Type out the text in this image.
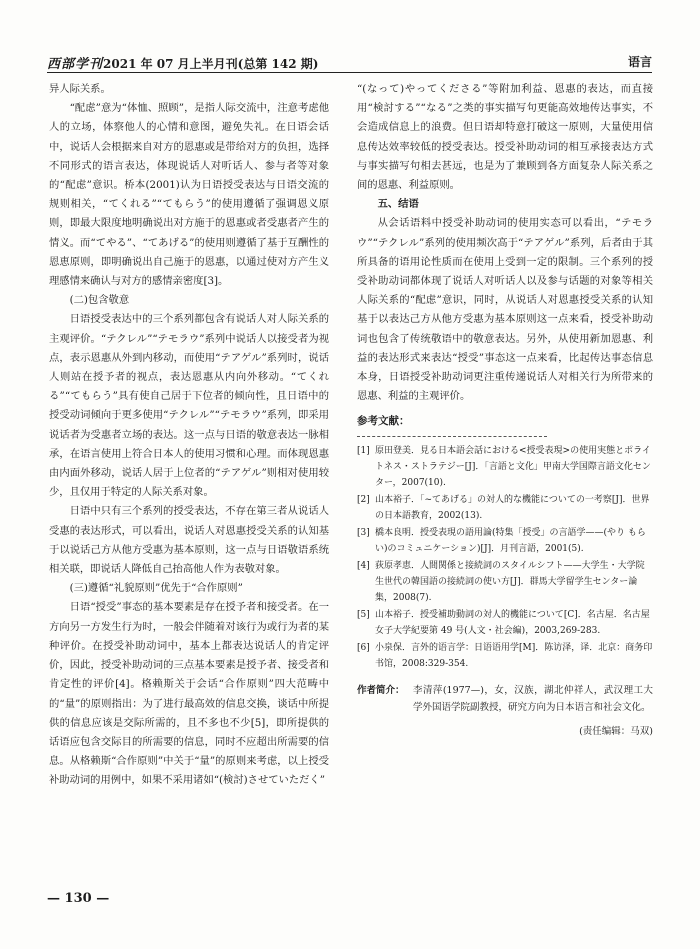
西部学刊2021 年 07 月上半月刊(总第 142 期)	语言

异人际关系。

“配虑”意为“体恤、照顾”，是指人际交流中，注意考虑他人的立场，体察他人的心情和意图，避免失礼。在日语会话中，说话人会根据来自对方的恩惠或是带给对方的负担，选择不同形式的语言表达，体现说话人对听话人、参与者等对象的“配虑”意识。桥本(2001)认为日语授受表达与日语交流的规则相关，“てくれる”“てもらう”的使用遵循了强调恩义原则，即最大限度地明确说出对方施于的恩惠或者受惠者产生的情义。而“てやる”、“てあげる”的使用则遵循了基于互酬性的恩恵原则，即明确说出自己施于的恩惠，以通过使对方产生义理感情来确认与对方的感情亲密度[3]。

(二)包含敬意

日语授受表达中的三个系列都包含有说话人对人际关系的主观评价。“テクレル”“テモラウ”系列中说话人以接受者为视点，表示恩惠从外到内移动，而使用“テアゲル”系列时，说话人则站在授予者的视点，表达恩惠从内向外移动。“てくれる”“てもらう”具有使自己居于下位者的倾向性，且日语中的授受动词倾向于更多使用“テクレル”“テモラウ”系列，即采用说话者为受惠者立场的表达。这一点与日语的敬意表达一脉相承，在语言使用上符合日本人的使用习惯和心理。而体现恩惠由内面外移动，说话人居于上位者的“テアゲル”则相对使用较少，且仅用于特定的人际关系对象。

日语中只有三个系列的授受表达，不存在第三者从说话人受惠的表达形式，可以看出，说话人对恩惠授受关系的认知基于以说话己方从他方受惠为基本原则，这一点与日语敬语系统相关联，即说话人降低自己抬高他人作为表敬对象。

(三)遵循“礼貌原则”优先于“合作原则”

日语“授受”事态的基本要素是存在授予者和接受者。在一方向另一方发生行为时，一般会伴随着对该行为或行为者的某种评价。在授受补助动词中，基本上都表达说话人的肯定评价，因此，授受补助动词的三点基本要素是授予者、接受者和肯定性的评价[4]。格赖斯关于会话“合作原则”四大范畴中的“量”的原则指出：为了进行最高效的信息交换，谈话中所提供的信息应该是交际所需的，且不多也不少[5]，即所提供的话语应包含交际目的所需要的信息，同时不应超出所需要的信息。从格赖斯“合作原则”中关于“量”的原则来考虑，以上授受补助动词的用例中，如果不采用诸如“(検討)させていただく”

“(なって)やってくださる”等附加利益、恩惠的表达，而直接用“検討する”“なる”之类的事实描写句更能高效地传达事实，不会造成信息上的浪费。但日语却特意打破这一原则，大量使用信息传达效率较低的授受表达。授受补助动词的相互承接表达方式与事实描写句相去甚远，也是为了兼顾到各方面复杂人际关系之间的恩惠、利益原则。

五、结语

从会话语料中授受补助动词的使用实态可以看出，“テモラウ”“テクレル”系列的使用频次高于“テアゲル”系列，后者由于其所具备的语用论性质而在使用上受到一定的限制。三个系列的授受补助动词都体现了说话人对听话人以及参与话题的对象等相关人际关系的“配虑”意识，同时，从说话人对恩惠授受关系的认知基于以表达己方从他方受惠为基本原则这一点来看，授受补助动词也包含了传统敬语中的敬意表达。另外，从使用新加恩惠、利益的表达形式来表达“授受”事态这一点来看，比起传达事态信息本身，日语授受补助动词更注重传递说话人对相关行为所带来的恩惠、利益的主观评价。

参考文献：
[1] 原田登美．見る日本語会話における<授受表現>の使用実態とポライトネス・ストラテジー[J]．「言語と文化」甲南大学国際言語文化センター，2007(10).
[2] 山本裕子．「~てあげる」の対人的な機能についての一考察[J]．世界の日本語教育，2002(13).
[3] 橋本良明．授受表現の語用論(特集「授受」の言語学——(やり もらい)のコミュニケーション)[J]．月刊言語，2001(5).
[4] 荻原孝恵．人間関係と接続詞のスタイルシフト——大学生・大学院生世代の韓国語の接続詞の使い方[J]．群馬大学留学生センター論集，2008(7).
[5] 山本裕子．授受補助動詞の対人的機能について[C]．名古屋．名古屋女子大学紀要第 49 号(人文・社会編)，2003,269-283.
[6] 小泉保．言外的语言学：日语语用学[M]．陈访泽，译．北京：商务印书馆，2008:329-354.
作者简介： 李清萍(1977—)，女，汉族，湖北仲祥人，武汉理工大学外国语学院副教授，研究方向为日本语言和社会文化。
(责任编辑：马双)
— 130 —
